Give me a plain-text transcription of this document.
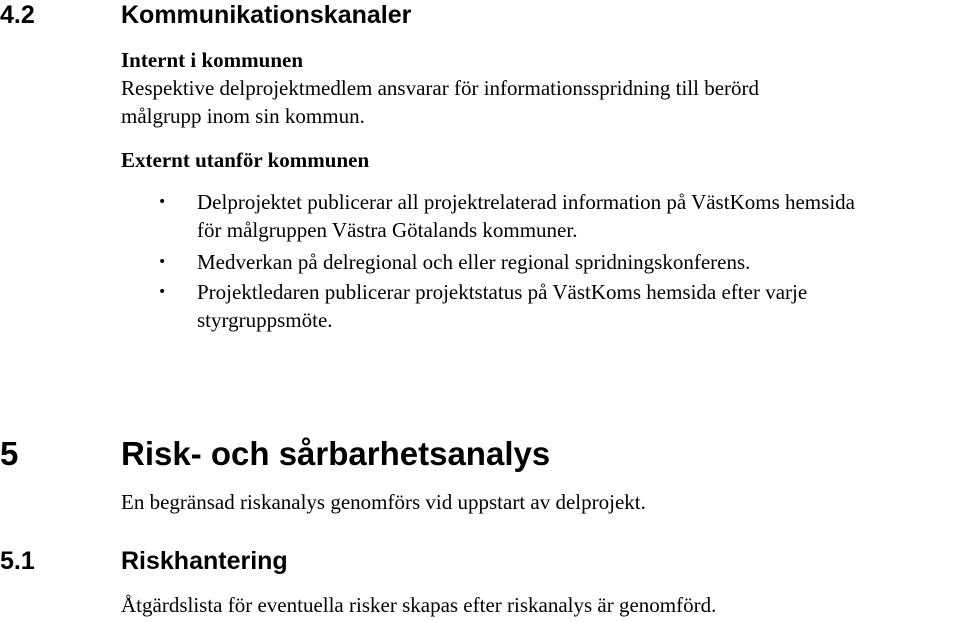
4.2	Kommunikationskanaler
Internt i kommunen
Respektive delprojektmedlem ansvarar för informationsspridning till berörd
målgrupp inom sin kommun.
Externt utanför kommunen
• Delprojektet publicerar all projektrelaterad information på VästKoms hemsida
för målgruppen Västra Götalands kommuner.
• Medverkan på delregional och eller regional spridningskonferens.
• Projektledaren publicerar projektstatus på VästKoms hemsida efter varje
styrgruppsmöte.
5	Risk- och sårbarhetsanalys
En begränsad riskanalys genomförs vid uppstart av delprojekt.
5.1	Riskhantering
Åtgärdslista för eventuella risker skapas efter riskanalys är genomförd.
